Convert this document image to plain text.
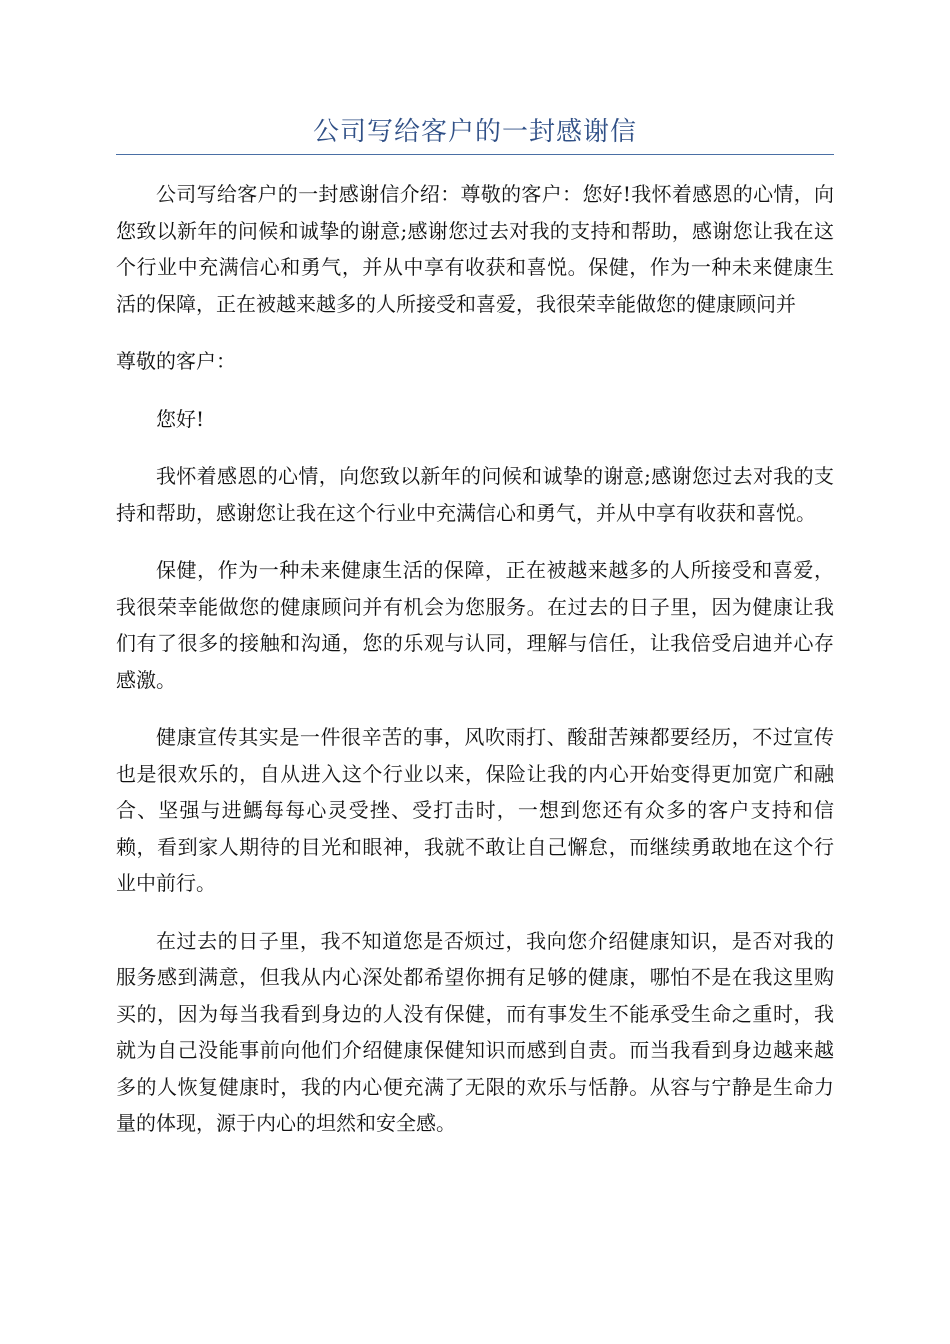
公司写给客户的一封感谢信

公司写给客户的一封感谢信介绍：尊敬的客户：您好!我怀着感恩的心情，向您致以新年的问候和诚挚的谢意;感谢您过去对我的支持和帮助，感谢您让我在这个行业中充满信心和勇气，并从中享有收获和喜悦。保健，作为一种未来健康生活的保障，正在被越来越多的人所接受和喜爱，我很荣幸能做您的健康顾问并

尊敬的客户：

您好!

我怀着感恩的心情，向您致以新年的问候和诚挚的谢意;感谢您过去对我的支持和帮助，感谢您让我在这个行业中充满信心和勇气，并从中享有收获和喜悦。

保健，作为一种未来健康生活的保障，正在被越来越多的人所接受和喜爱，我很荣幸能做您的健康顾问并有机会为您服务。在过去的日子里，因为健康让我们有了很多的接触和沟通，您的乐观与认同，理解与信任，让我倍受启迪并心存感激。

健康宣传其实是一件很辛苦的事，风吹雨打、酸甜苦辣都要经历，不过宣传也是很欢乐的，自从进入这个行业以来，保险让我的内心开始变得更加宽广和融合、坚强与进鰢每每心灵受挫、受打击时，一想到您还有众多的客户支持和信赖，看到家人期待的目光和眼神，我就不敢让自己懈怠，而继续勇敢地在这个行业中前行。

在过去的日子里，我不知道您是否烦过，我向您介绍健康知识，是否对我的服务感到满意，但我从内心深处都希望你拥有足够的健康，哪怕不是在我这里购买的，因为每当我看到身边的人没有保健，而有事发生不能承受生命之重时，我就为自己没能事前向他们介绍健康保健知识而感到自责。而当我看到身边越来越多的人恢复健康时，我的内心便充满了无限的欢乐与恬静。从容与宁静是生命力量的体现，源于内心的坦然和安全感。
